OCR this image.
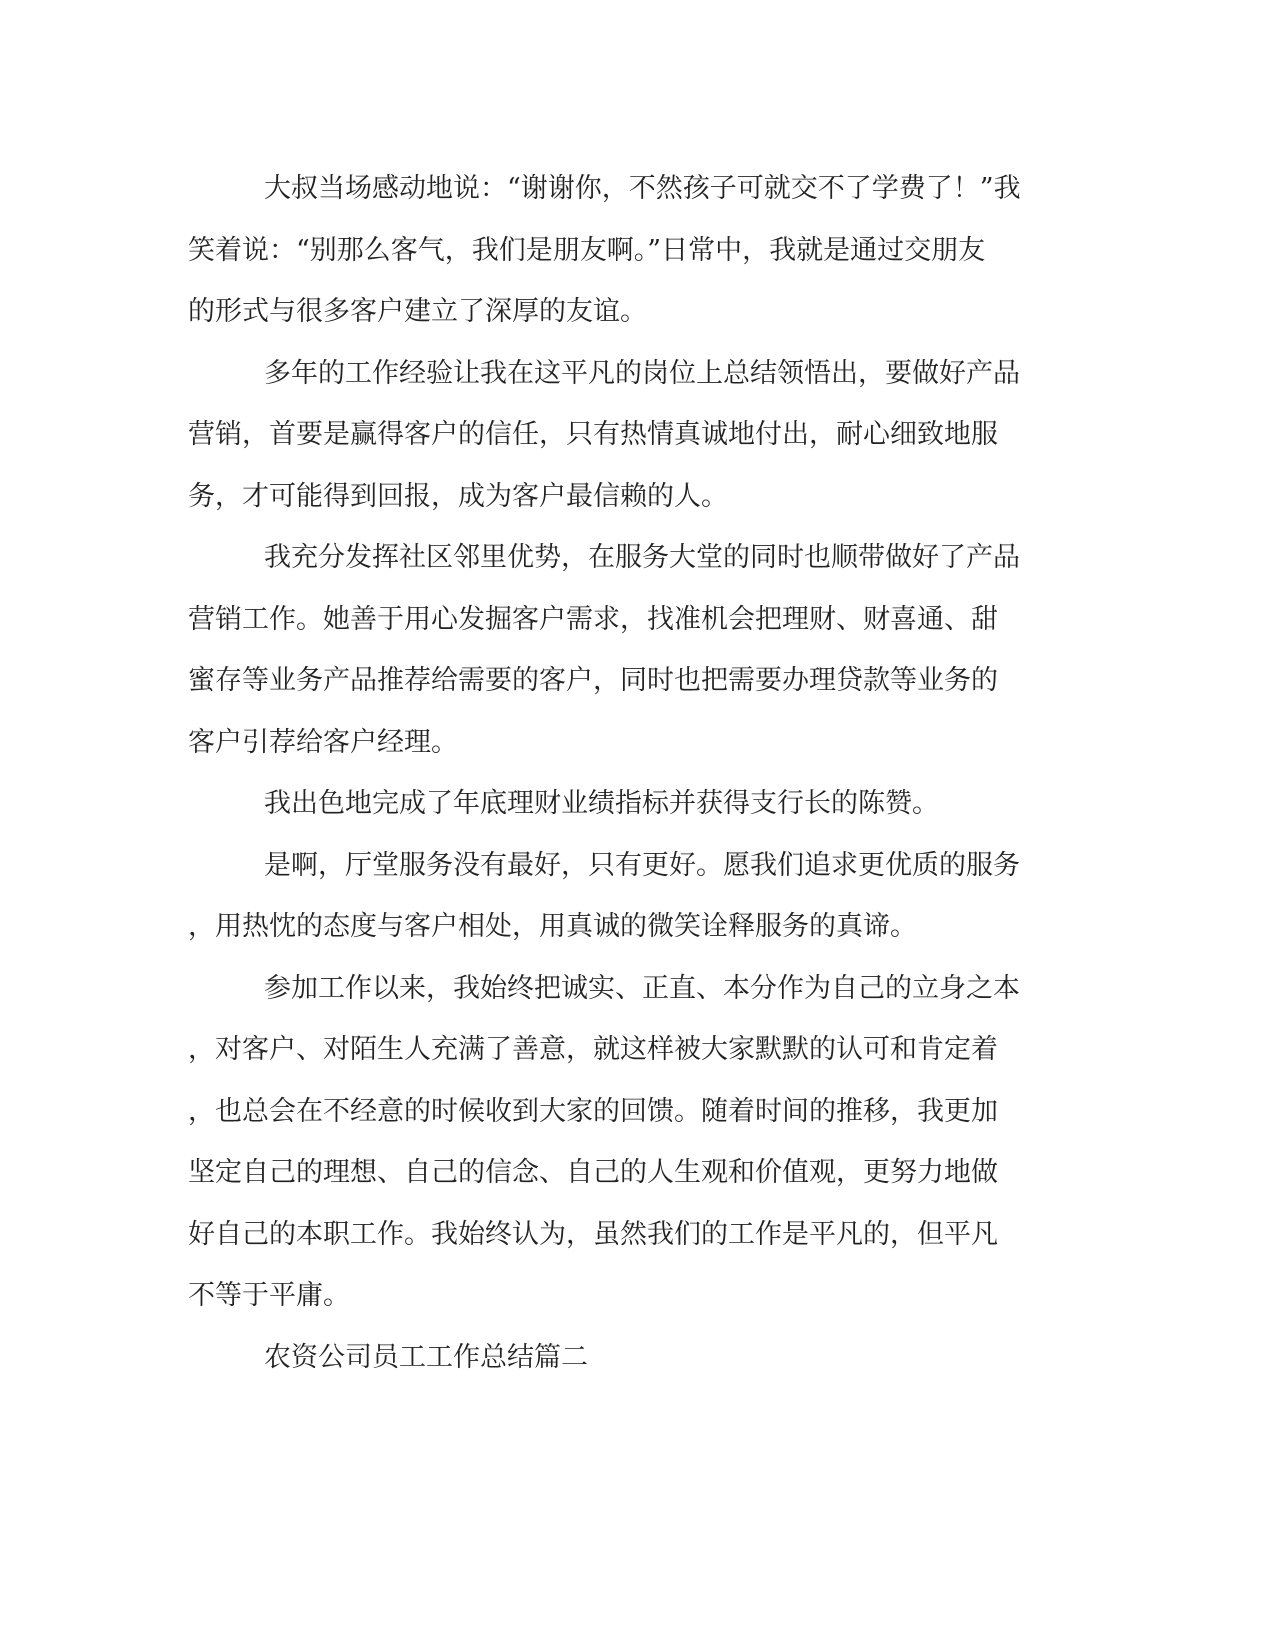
大叔当场感动地说：“谢谢你，不然孩子可就交不了学费了！”我
笑着说：“别那么客气，我们是朋友啊。”日常中，我就是通过交朋友
的形式与很多客户建立了深厚的友谊。
多年的工作经验让我在这平凡的岗位上总结领悟出，要做好产品
营销，首要是赢得客户的信任，只有热情真诚地付出，耐心细致地服
务，才可能得到回报，成为客户最信赖的人。
我充分发挥社区邻里优势，在服务大堂的同时也顺带做好了产品
营销工作。她善于用心发掘客户需求，找准机会把理财、财喜通、甜
蜜存等业务产品推荐给需要的客户，同时也把需要办理贷款等业务的
客户引荐给客户经理。
我出色地完成了年底理财业绩指标并获得支行长的陈赞。
是啊，厅堂服务没有最好，只有更好。愿我们追求更优质的服务
，用热忱的态度与客户相处，用真诚的微笑诠释服务的真谛。
参加工作以来，我始终把诚实、正直、本分作为自己的立身之本
，对客户、对陌生人充满了善意，就这样被大家默默的认可和肯定着
，也总会在不经意的时候收到大家的回馈。随着时间的推移，我更加
坚定自己的理想、自己的信念、自己的人生观和价值观，更努力地做
好自己的本职工作。我始终认为，虽然我们的工作是平凡的，但平凡
不等于平庸。
农资公司员工工作总结篇二
